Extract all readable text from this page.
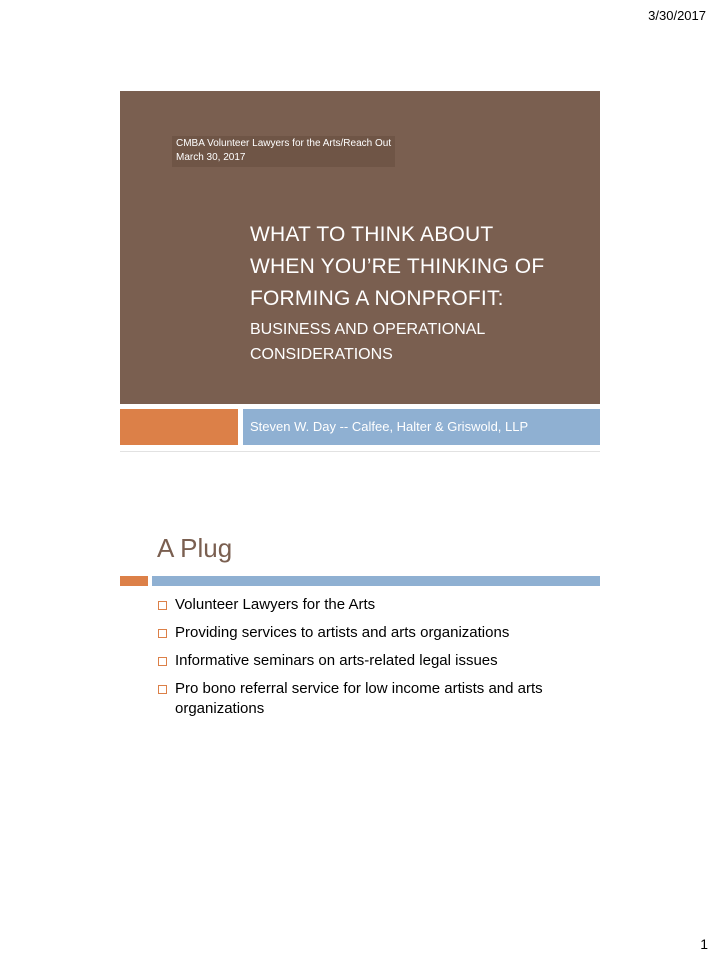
3/30/2017
CMBA Volunteer Lawyers for the Arts/Reach Out
March 30, 2017
WHAT TO THINK ABOUT
WHEN YOU’RE THINKING OF
FORMING A NONPROFIT:
BUSINESS AND OPERATIONAL
CONSIDERATIONS
Steven W. Day -- Calfee, Halter & Griswold, LLP
A Plug
Volunteer Lawyers for the Arts
Providing services to artists and arts organizations
Informative seminars on arts-related legal issues
Pro bono referral service for low income artists and arts organizations
1
